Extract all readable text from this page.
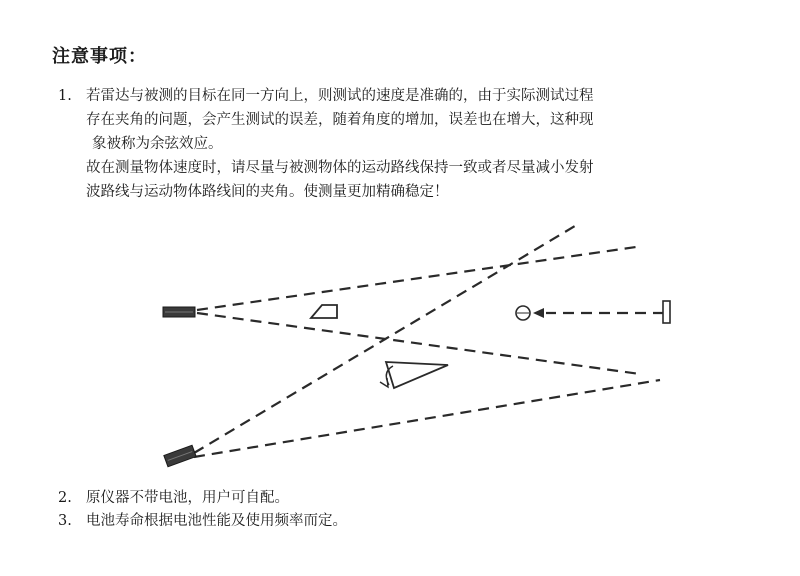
注意事项：
1. 若雷达与被测的目标在同一方向上，则测试的速度是准确的，由于实际测试过程
存在夹角的问题，会产生测试的误差，随着角度的增加，误差也在增大，这种现
象被称为余弦效应。
故在测量物体速度时，请尽量与被测物体的运动路线保持一致或者尽量减小发射
波路线与运动物体路线间的夹角。使测量更加精确稳定！
2. 原仪器不带电池，用户可自配。
3. 电池寿命根据电池性能及使用频率而定。
